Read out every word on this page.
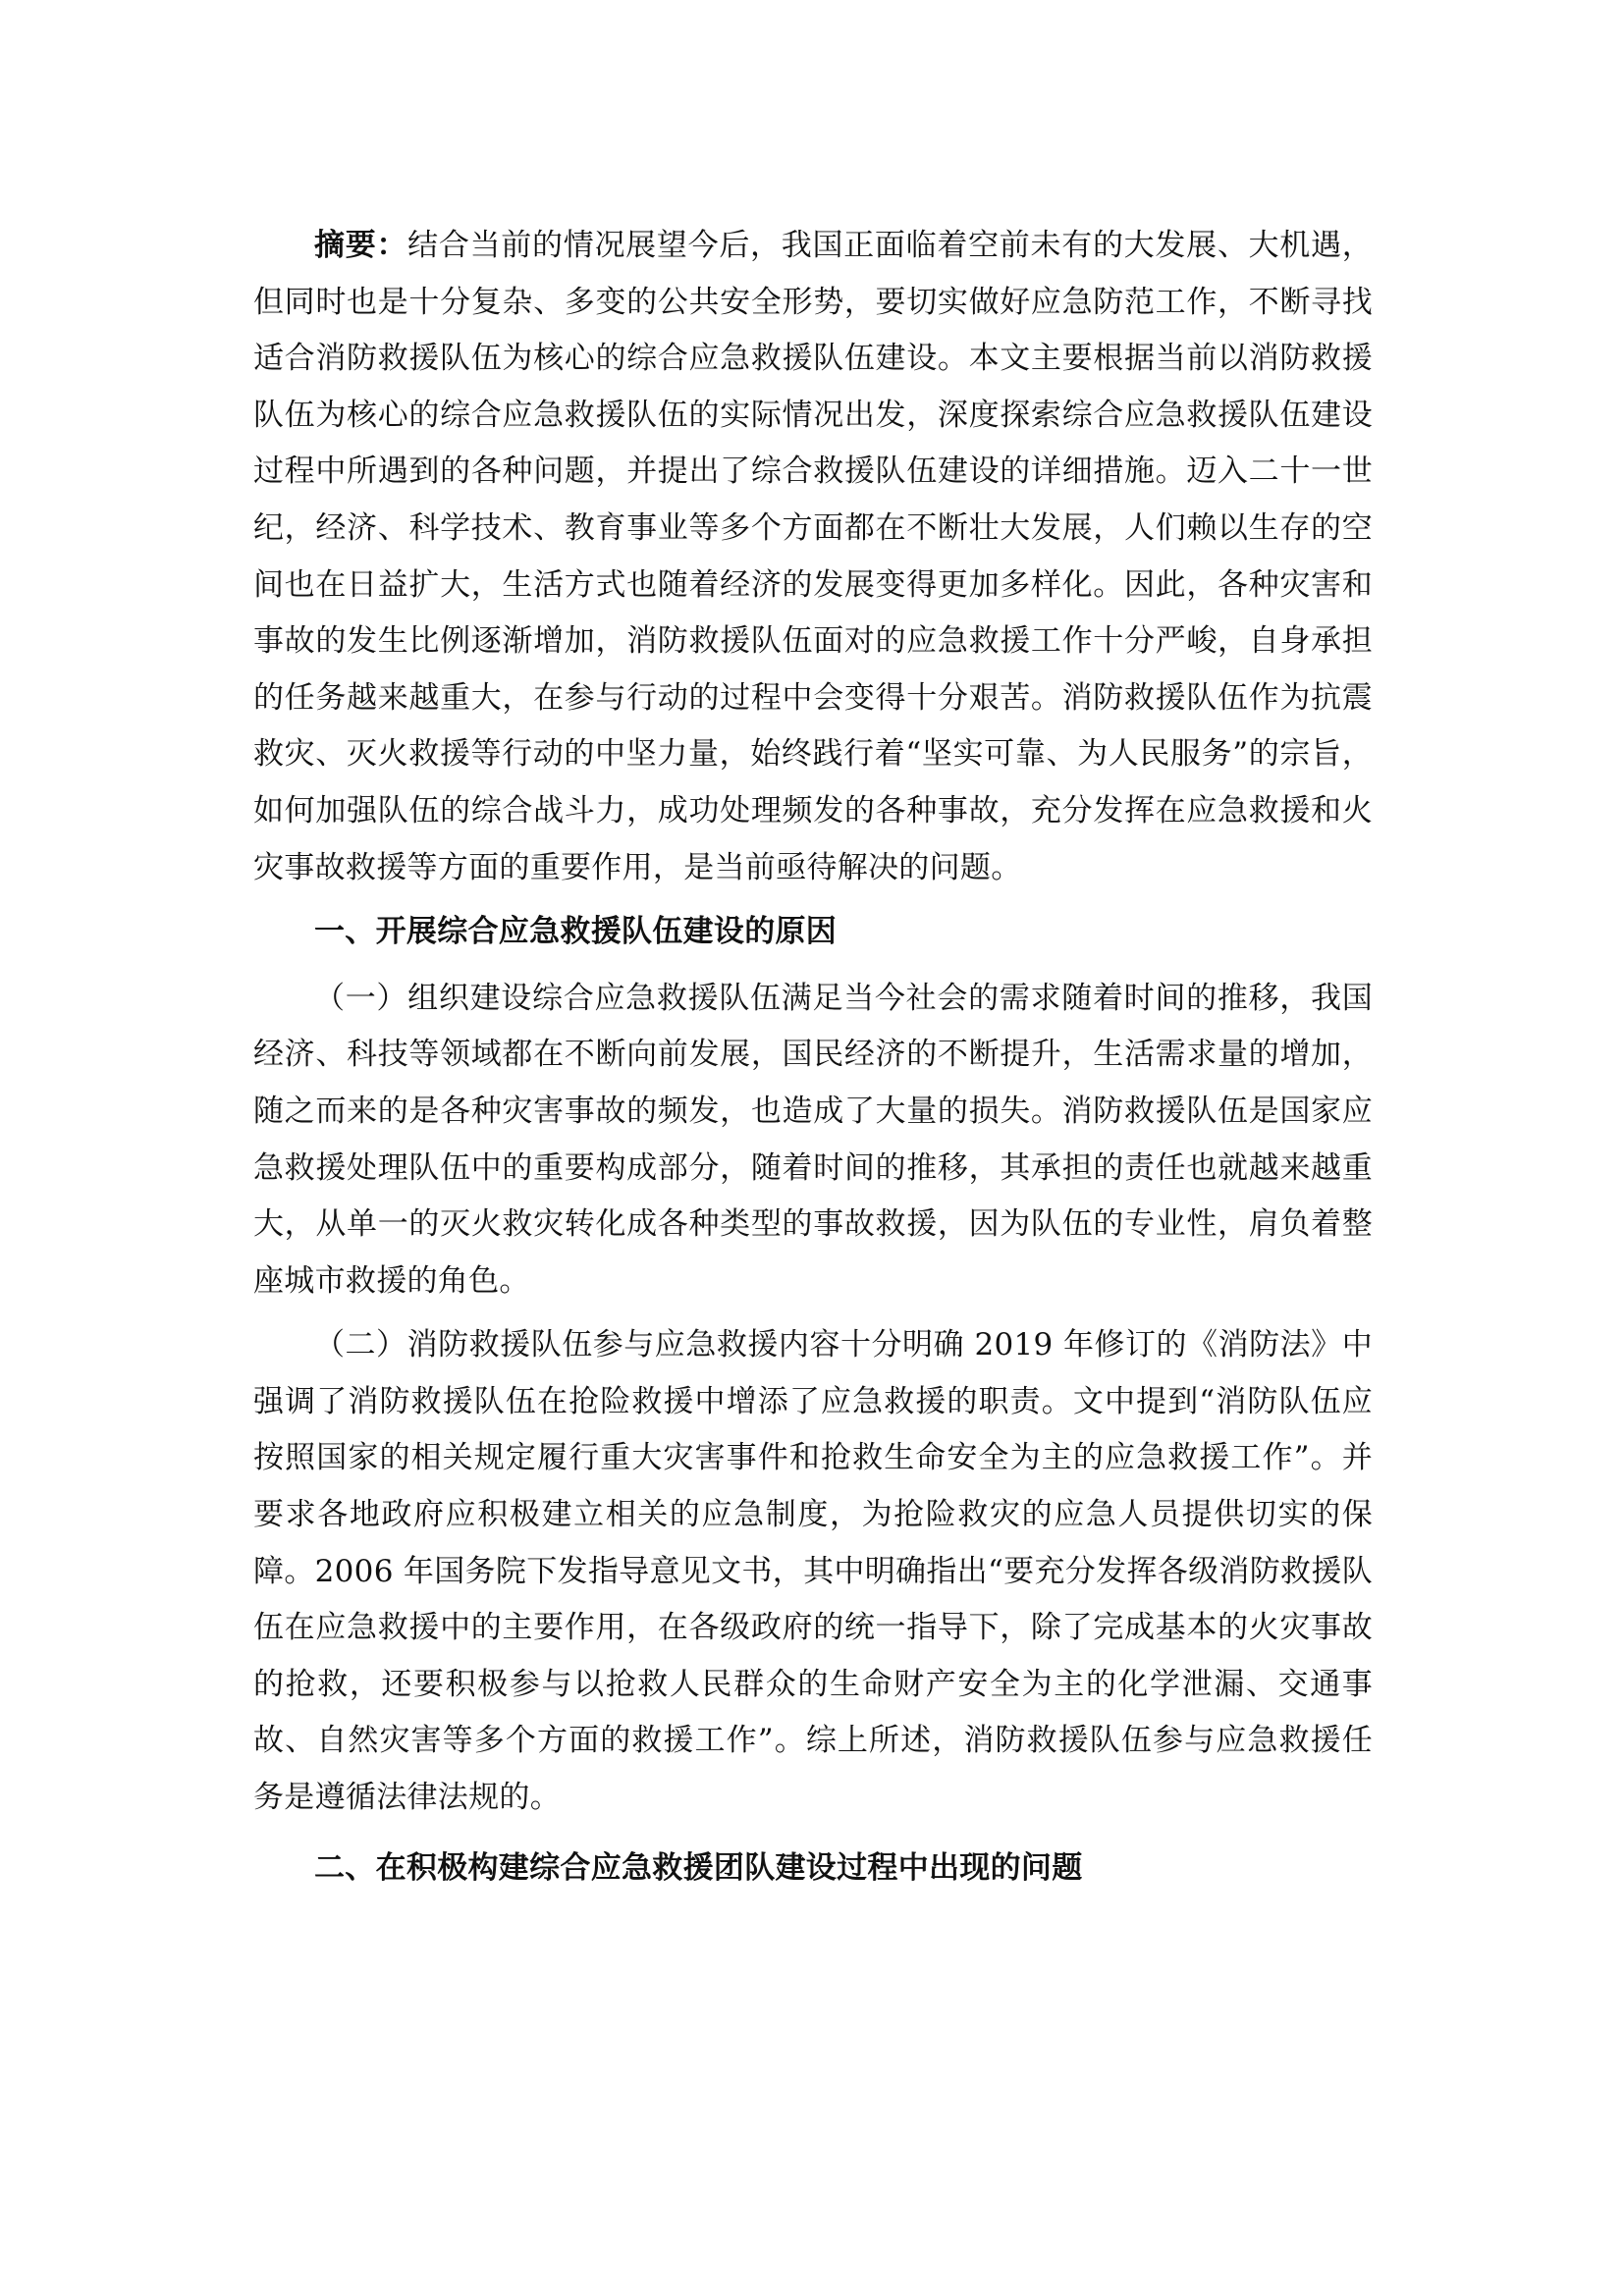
摘要：结合当前的情况展望今后，我国正面临着空前未有的大发展、大机遇，但同时也是十分复杂、多变的公共安全形势，要切实做好应急防范工作，不断寻找适合消防救援队伍为核心的综合应急救援队伍建设。本文主要根据当前以消防救援队伍为核心的综合应急救援队伍的实际情况出发，深度探索综合应急救援队伍建设过程中所遇到的各种问题，并提出了综合救援队伍建设的详细措施。迈入二十一世纪，经济、科学技术、教育事业等多个方面都在不断壮大发展，人们赖以生存的空间也在日益扩大，生活方式也随着经济的发展变得更加多样化。因此，各种灾害和事故的发生比例逐渐增加，消防救援队伍面对的应急救援工作十分严峻，自身承担的任务越来越重大，在参与行动的过程中会变得十分艰苦。消防救援队伍作为抗震救灾、灭火救援等行动的中坚力量，始终践行着“坚实可靠、为人民服务”的宗旨，如何加强队伍的综合战斗力，成功处理频发的各种事故，充分发挥在应急救援和火灾事故救援等方面的重要作用，是当前亟待解决的问题。

一、开展综合应急救援队伍建设的原因

（一）组织建设综合应急救援队伍满足当今社会的需求随着时间的推移，我国经济、科技等领域都在不断向前发展，国民经济的不断提升，生活需求量的增加，随之而来的是各种灾害事故的频发，也造成了大量的损失。消防救援队伍是国家应急救援处理队伍中的重要构成部分，随着时间的推移，其承担的责任也就越来越重大，从单一的灭火救灾转化成各种类型的事故救援，因为队伍的专业性，肩负着整座城市救援的角色。

（二）消防救援队伍参与应急救援内容十分明确 2019 年修订的《消防法》中强调了消防救援队伍在抢险救援中增添了应急救援的职责。文中提到“消防队伍应按照国家的相关规定履行重大灾害事件和抢救生命安全为主的应急救援工作”。并要求各地政府应积极建立相关的应急制度，为抢险救灾的应急人员提供切实的保障。2006 年国务院下发指导意见文书，其中明确指出“要充分发挥各级消防救援队伍在应急救援中的主要作用，在各级政府的统一指导下，除了完成基本的火灾事故的抢救，还要积极参与以抢救人民群众的生命财产安全为主的化学泄漏、交通事故、自然灾害等多个方面的救援工作”。综上所述，消防救援队伍参与应急救援任务是遵循法律法规的。

二、在积极构建综合应急救援团队建设过程中出现的问题
